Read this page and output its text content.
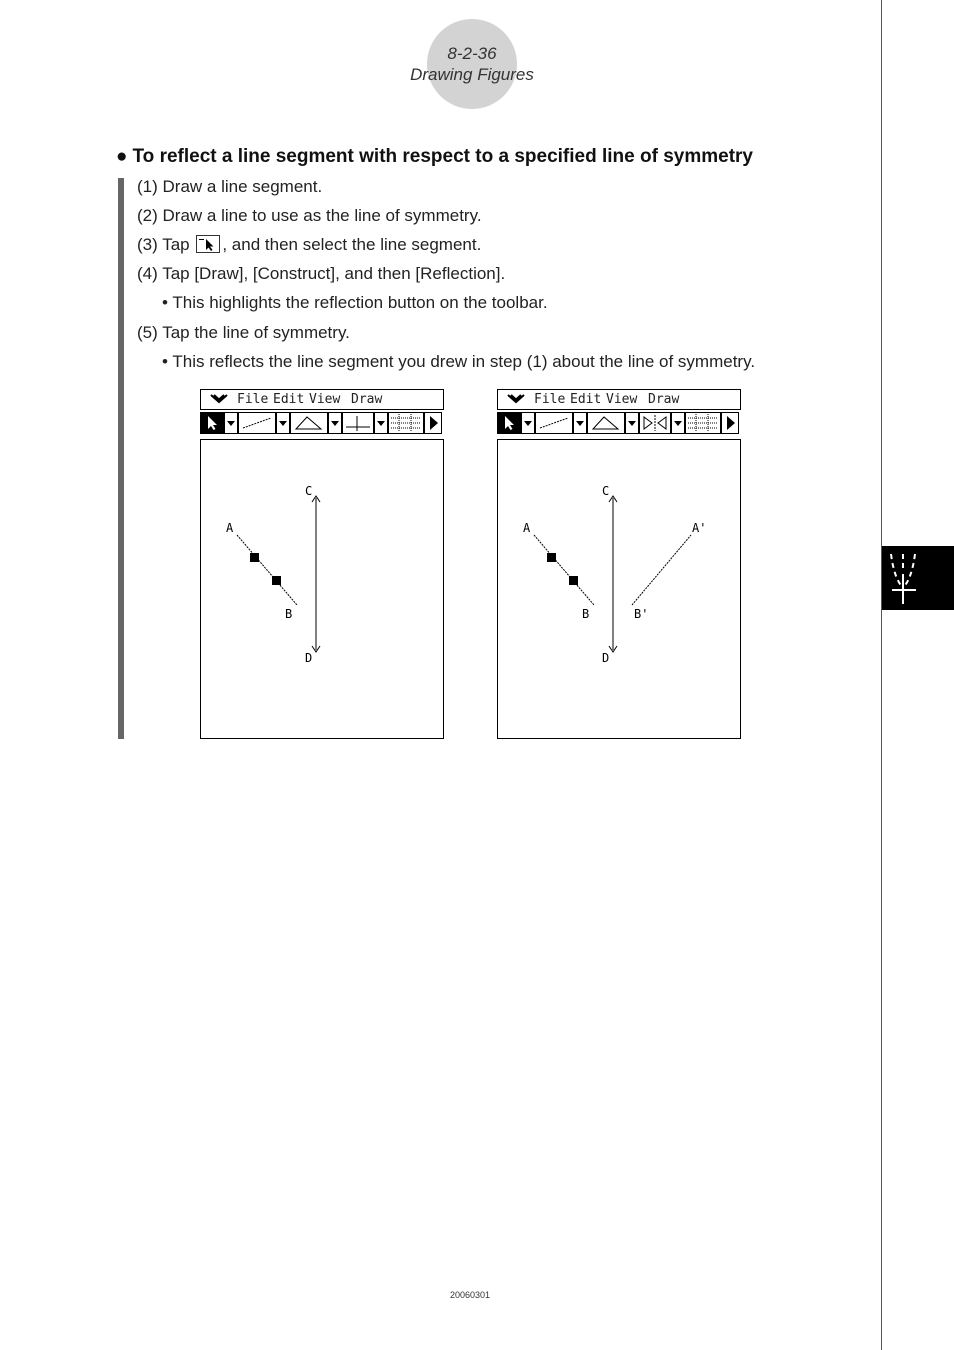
8-2-36
Drawing Figures
● To reflect a line segment with respect to a specified line of symmetry
(1) Draw a line segment.
(2) Draw a line to use as the line of symmetry.
(3) Tap , and then select the line segment.
(4) Tap [Draw], [Construct], and then [Reflection].
• This highlights the reflection button on the toolbar.
(5) Tap the line of symmetry.
• This reflects the line segment you drew in step (1) about the line of symmetry.
File Edit View Draw
A
B
C
D
File Edit View Draw
A
B
C
D
A'
B'
20060301
